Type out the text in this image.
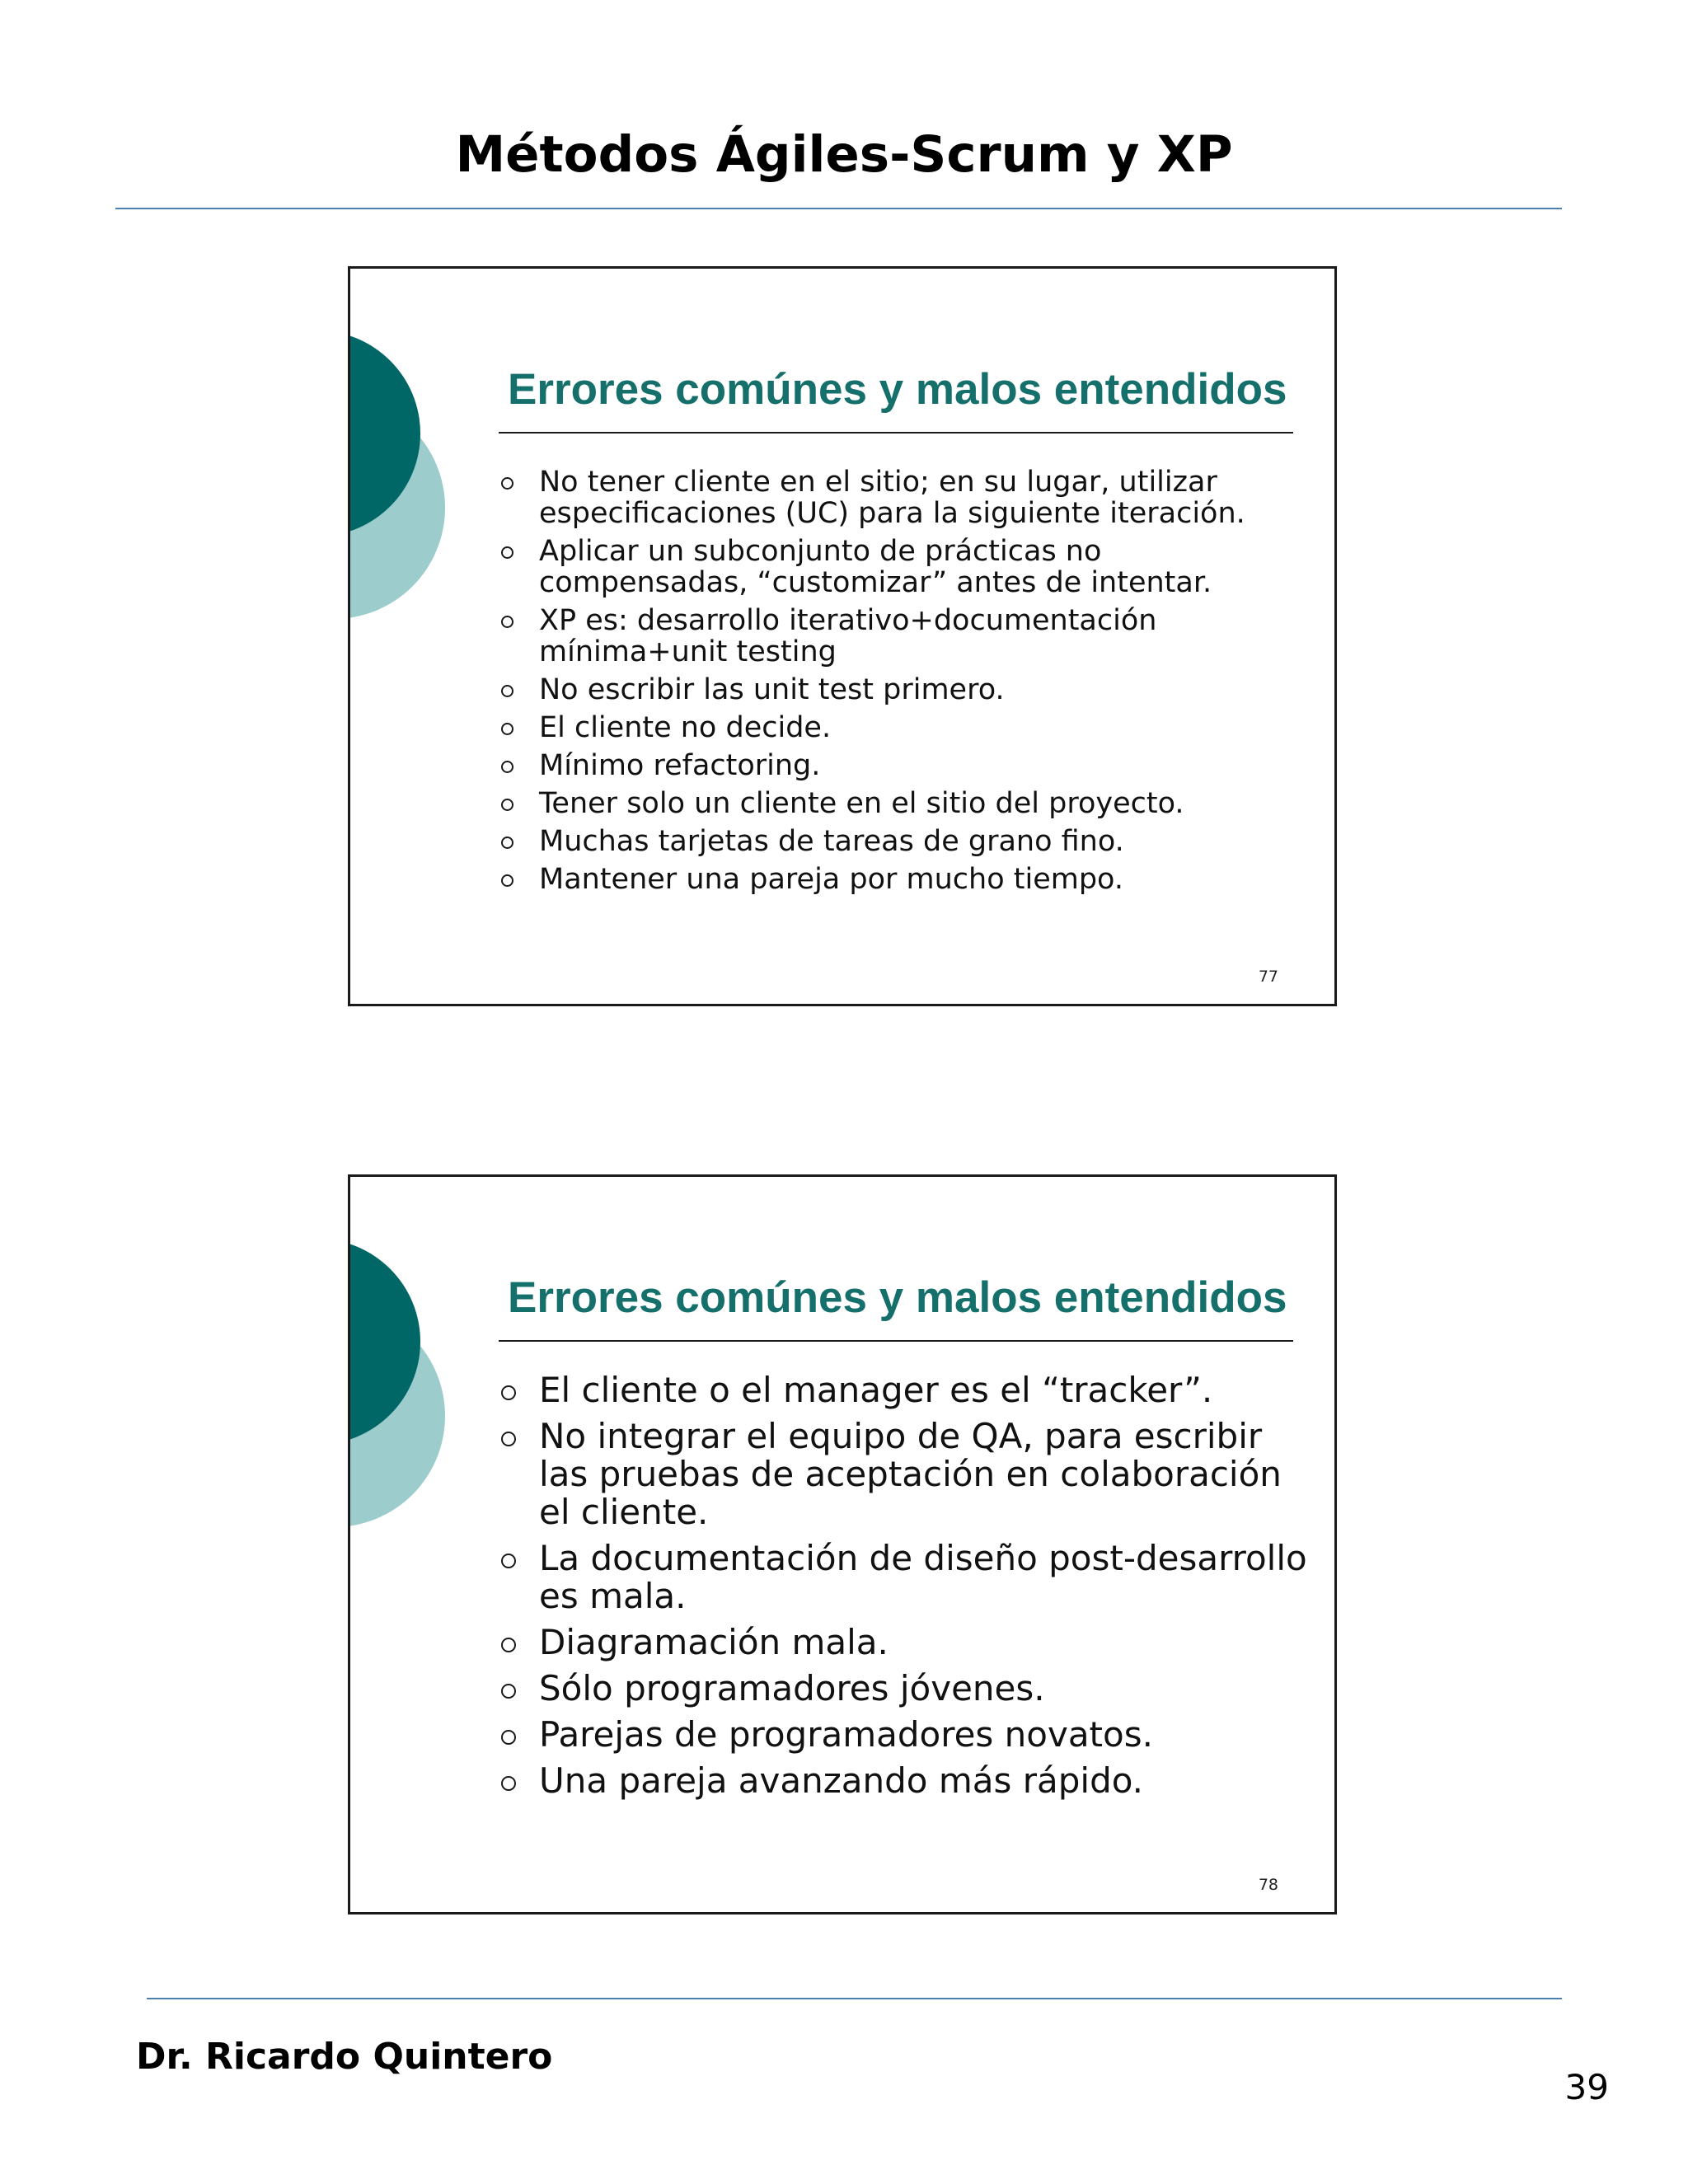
Métodos Ágiles-Scrum y XP
Errores comúnes y malos entendidos
No tener cliente en el sitio; en su lugar, utilizar especificaciones (UC) para la siguiente iteración.
Aplicar un subconjunto de prácticas no compensadas, “customizar” antes de intentar.
XP es: desarrollo iterativo+documentación mínima+unit testing
No escribir las unit test primero.
El cliente no decide.
Mínimo refactoring.
Tener solo un cliente en el sitio del proyecto.
Muchas tarjetas de tareas de grano fino.
Mantener una pareja por mucho tiempo.
77
Errores comúnes y malos entendidos
El cliente o el manager es el “tracker”.
No integrar el equipo de QA, para escribir las pruebas de aceptación en colaboración el cliente.
La documentación de diseño post-desarrollo es mala.
Diagramación mala.
Sólo programadores jóvenes.
Parejas de programadores novatos.
Una pareja avanzando más rápido.
78
Dr. Ricardo Quintero
39
